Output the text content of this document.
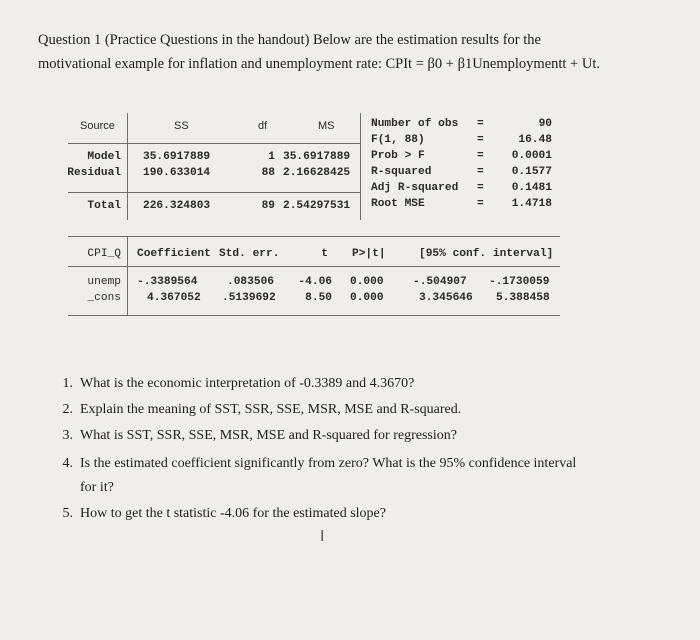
Question 1 (Practice Questions in the handout) Below are the estimation results for the
motivational example for inflation and unemployment rate: CPIt = β0 + β1Unemploymentt + Ut.
Source	SS	df	MS
Model 35.6917889	1 35.6917889
Residual 190.633014	88 2.16628425
Total 226.324803	89 2.54297531
Number of obs =	90
F(1, 88)	=	16.48
Prob > F	=	0.0001
R-squared	=	0.1577
Adj R-squared =	0.1481
Root MSE	=	1.4718
CPI_Q Coefficient Std. err.	t P>|t|	[95% conf. interval]
unemp -.3389564	.083506	-4.06 0.000	-.504907 -.1730059
_cons 4.367052 .5139692	8.50 0.000	3.345646 5.388458
1. What is the economic interpretation of -0.3389 and 4.3670?
2. Explain the meaning of SST, SSR, SSE, MSR, MSE and R-squared.
3. What is SST, SSR, SSE, MSR, MSE and R-squared for regression?
4. Is the estimated coefficient significantly from zero? What is the 95% confidence interval
for it?
5. How to get the t statistic -4.06 for the estimated slope?
I
